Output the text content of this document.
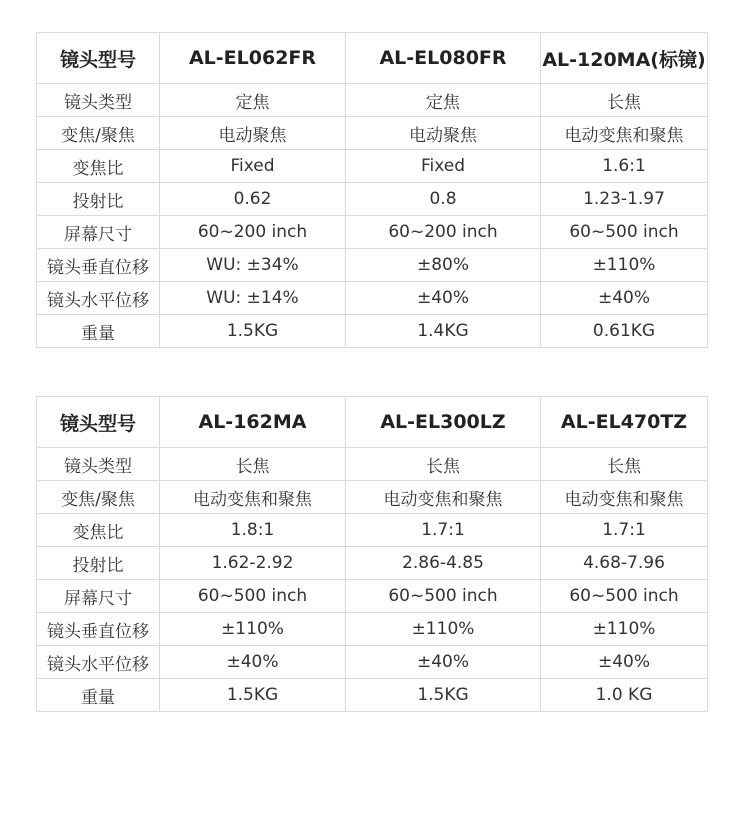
镜头型号	AL-EL062FR	AL-EL080FR	AL-120MA(标镜)
镜头类型	定焦	定焦	长焦
变焦/聚焦	电动聚焦	电动聚焦	电动变焦和聚焦
变焦比	Fixed	Fixed	1.6:1
投射比	0.62	0.8	1.23-1.97
屏幕尺寸	60~200 inch	60~200 inch	60~500 inch
镜头垂直位移	WU: ±34%	±80%	±110%
镜头水平位移	WU: ±14%	±40%	±40%
重量	1.5KG	1.4KG	0.61KG
镜头型号	AL-162MA	AL-EL300LZ	AL-EL470TZ
镜头类型	长焦	长焦	长焦
变焦/聚焦	电动变焦和聚焦	电动变焦和聚焦	电动变焦和聚焦
变焦比	1.8:1	1.7:1	1.7:1
投射比	1.62-2.92	2.86-4.85	4.68-7.96
屏幕尺寸	60~500 inch	60~500 inch	60~500 inch
镜头垂直位移	±110%	±110%	±110%
镜头水平位移	±40%	±40%	±40%
重量	1.5KG	1.5KG	1.0 KG
